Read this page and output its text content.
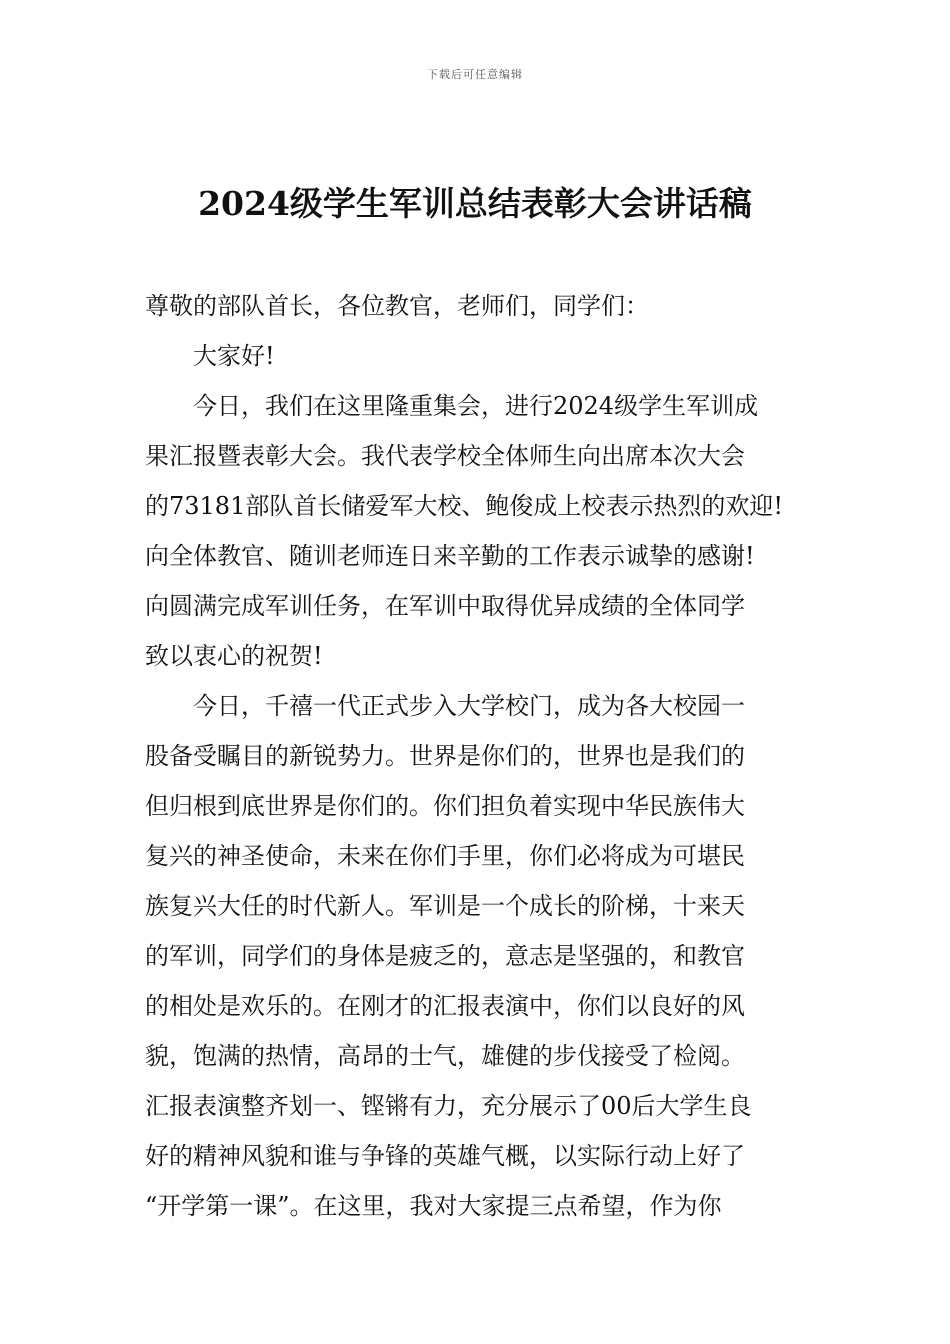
下载后可任意编辑
2024级学生军训总结表彰大会讲话稿
尊敬的部队首长，各位教官，老师们，同学们：
大家好!
今日，我们在这里隆重集会，进行2024级学生军训成
果汇报暨表彰大会。我代表学校全体师生向出席本次大会
的73181部队首长储爱军大校、鲍俊成上校表示热烈的欢迎!
向全体教官、随训老师连日来辛勤的工作表示诚挚的感谢!
向圆满完成军训任务，在军训中取得优异成绩的全体同学
致以衷心的祝贺!
今日，千禧一代正式步入大学校门，成为各大校园一
股备受瞩目的新锐势力。世界是你们的，世界也是我们的
但归根到底世界是你们的。你们担负着实现中华民族伟大
复兴的神圣使命，未来在你们手里，你们必将成为可堪民
族复兴大任的时代新人。军训是一个成长的阶梯，十来天
的军训，同学们的身体是疲乏的，意志是坚强的，和教官
的相处是欢乐的。在刚才的汇报表演中，你们以良好的风
貌，饱满的热情，高昂的士气，雄健的步伐接受了检阅。
汇报表演整齐划一、铿锵有力，充分展示了00后大学生良
好的精神风貌和谁与争锋的英雄气概，以实际行动上好了
“开学第一课”。在这里，我对大家提三点希望，作为你
